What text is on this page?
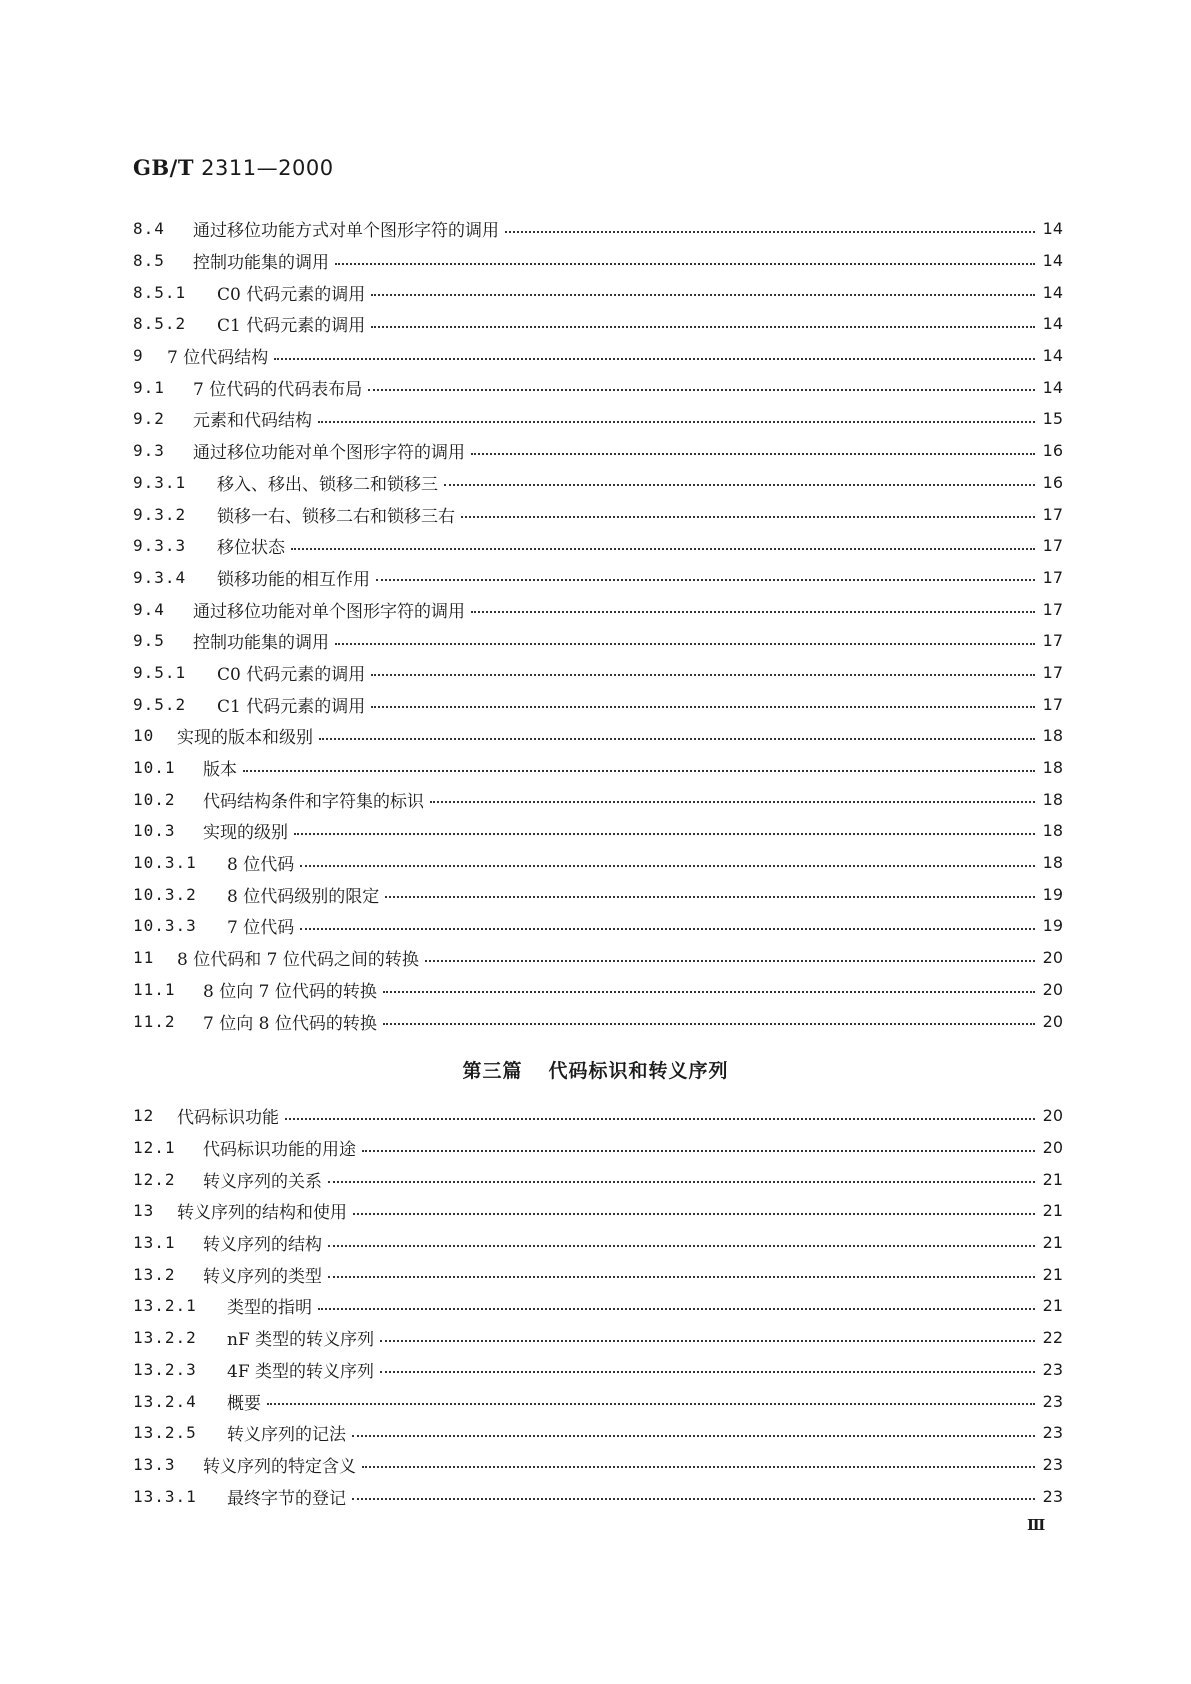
GB/T 2311—2000
8.4	通过移位功能方式对单个图形字符的调用	14
8.5	控制功能集的调用	14
8.5.1	C0 代码元素的调用	14
8.5.2	C1 代码元素的调用	14
9	7 位代码结构	14
9.1	7 位代码的代码表布局	14
9.2	元素和代码结构	15
9.3	通过移位功能对单个图形字符的调用	16
9.3.1	移入、移出、锁移二和锁移三	16
9.3.2	锁移一右、锁移二右和锁移三右	17
9.3.3	移位状态	17
9.3.4	锁移功能的相互作用	17
9.4	通过移位功能对单个图形字符的调用	17
9.5	控制功能集的调用	17
9.5.1	C0 代码元素的调用	17
9.5.2	C1 代码元素的调用	17
10	实现的版本和级别	18
10.1	版本	18
10.2	代码结构条件和字符集的标识	18
10.3	实现的级别	18
10.3.1	8 位代码	18
10.3.2	8 位代码级别的限定	19
10.3.3	7 位代码	19
11	8 位代码和 7 位代码之间的转换	20
11.1	8 位向 7 位代码的转换	20
11.2	7 位向 8 位代码的转换	20
第三篇 代码标识和转义序列
12	代码标识功能	20
12.1	代码标识功能的用途	20
12.2	转义序列的关系	21
13	转义序列的结构和使用	21
13.1	转义序列的结构	21
13.2	转义序列的类型	21
13.2.1	类型的指明	21
13.2.2	nF 类型的转义序列	22
13.2.3	4F 类型的转义序列	23
13.2.4	概要	23
13.2.5	转义序列的记法	23
13.3	转义序列的特定含义	23
13.3.1	最终字节的登记	23
Ⅲ
